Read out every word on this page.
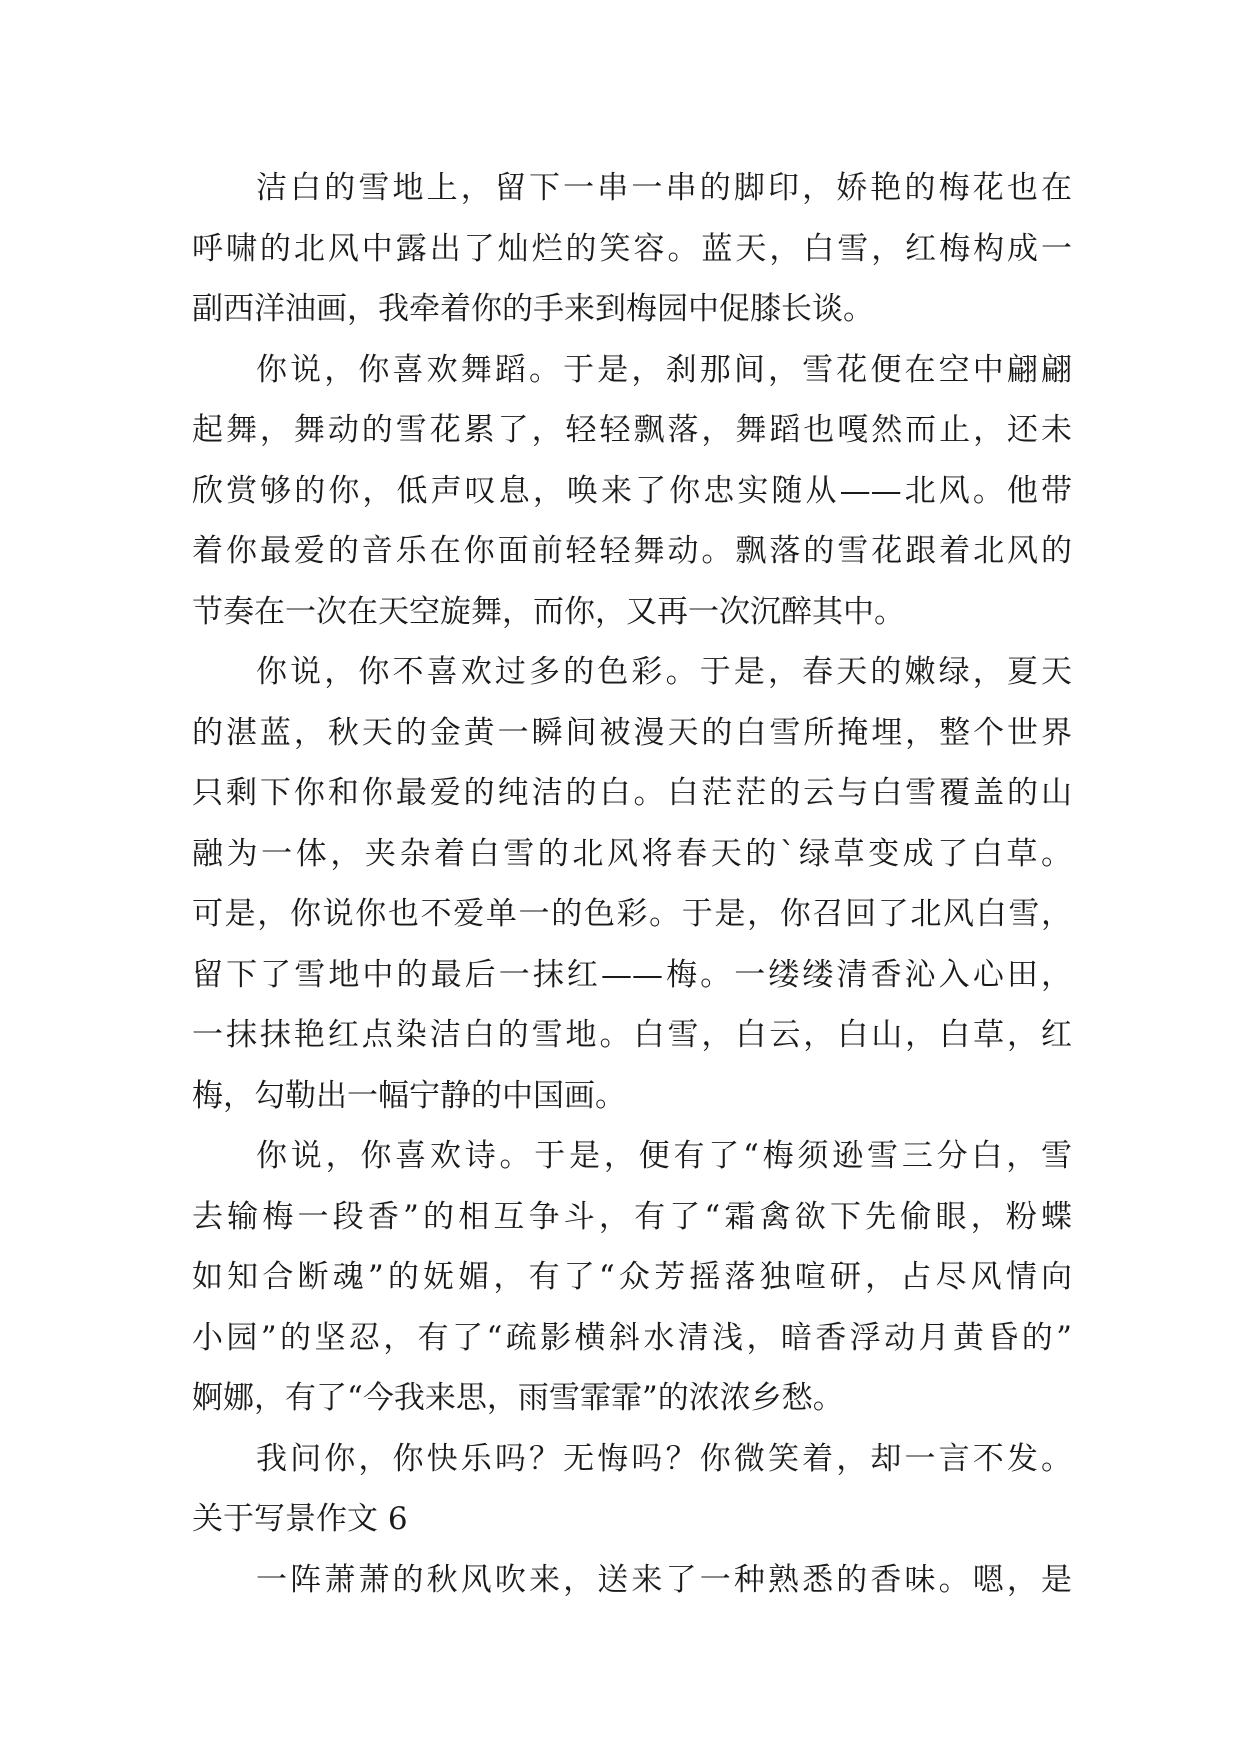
洁白的雪地上，留下一串一串的脚印，娇艳的梅花也在
呼啸的北风中露出了灿烂的笑容。蓝天，白雪，红梅构成一
副西洋油画，我牵着你的手来到梅园中促膝长谈。
你说，你喜欢舞蹈。于是，刹那间，雪花便在空中翩翩
起舞，舞动的雪花累了，轻轻飘落，舞蹈也嘎然而止，还未
欣赏够的你，低声叹息，唤来了你忠实随从——北风。他带
着你最爱的音乐在你面前轻轻舞动。飘落的雪花跟着北风的
节奏在一次在天空旋舞，而你，又再一次沉醉其中。
你说，你不喜欢过多的色彩。于是，春天的嫩绿，夏天
的湛蓝，秋天的金黄一瞬间被漫天的白雪所掩埋，整个世界
只剩下你和你最爱的纯洁的白。白茫茫的云与白雪覆盖的山
融为一体，夹杂着白雪的北风将春天的`绿草变成了白草。
可是，你说你也不爱单一的色彩。于是，你召回了北风白雪，
留下了雪地中的最后一抹红——梅。一缕缕清香沁入心田，
一抹抹艳红点染洁白的雪地。白雪，白云，白山，白草，红
梅，勾勒出一幅宁静的中国画。
你说，你喜欢诗。于是，便有了“梅须逊雪三分白，雪
去输梅一段香”的相互争斗，有了“霜禽欲下先偷眼，粉蝶
如知合断魂”的妩媚，有了“众芳摇落独喧研，占尽风情向
小园”的坚忍，有了“疏影横斜水清浅，暗香浮动月黄昏的”
婀娜，有了“今我来思，雨雪霏霏”的浓浓乡愁。
我问你，你快乐吗？无悔吗？你微笑着，却一言不发。
关于写景作文 6
一阵萧萧的秋风吹来，送来了一种熟悉的香味。嗯，是
